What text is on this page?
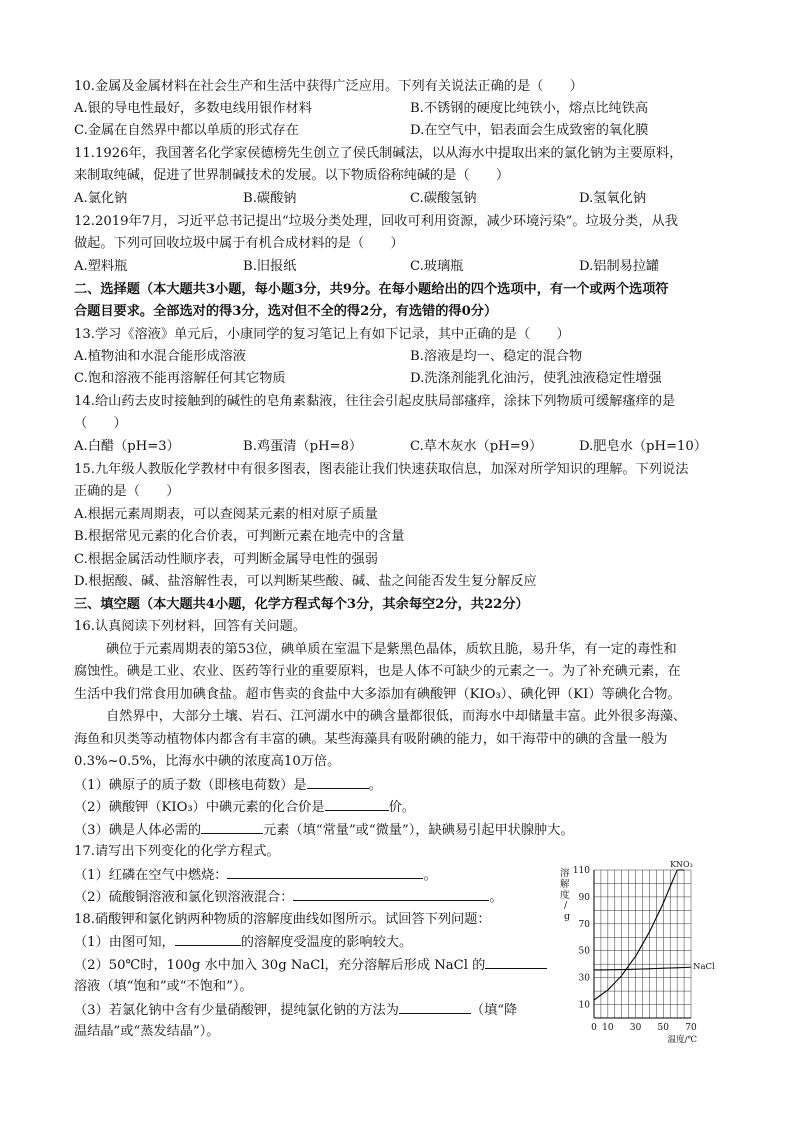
10.金属及金属材料在社会生产和生活中获得广泛应用。下列有关说法正确的是（　　）
A.银的导电性最好，多数电线用银作材料	B.不锈钢的硬度比纯铁小，熔点比纯铁高
C.金属在自然界中都以单质的形式存在	D.在空气中，铝表面会生成致密的氧化膜
11.1926年，我国著名化学家侯德榜先生创立了侯氏制碱法，以从海水中提取出来的氯化钠为主要原料，
来制取纯碱，促进了世界制碱技术的发展。以下物质俗称纯碱的是（　　）
A.氯化钠	B.碳酸钠	C.碳酸氢钠	D.氢氧化钠
12.2019年7月，习近平总书记提出“垃圾分类处理，回收可利用资源，减少环境污染”。垃圾分类，从我
做起。下列可回收垃圾中属于有机合成材料的是（　　）
A.塑料瓶	B.旧报纸	C.玻璃瓶	D.铝制易拉罐
二、选择题（本大题共3小题，每小题3分，共9分。在每小题给出的四个选项中，有一个或两个选项符
合题目要求。全部选对的得3分，选对但不全的得2分，有选错的得0分）
13.学习《溶液》单元后，小康同学的复习笔记上有如下记录，其中正确的是（　　）
A.植物油和水混合能形成溶液	B.溶液是均一、稳定的混合物
C.饱和溶液不能再溶解任何其它物质	D.洗涤剂能乳化油污，使乳浊液稳定性增强
14.给山药去皮时接触到的碱性的皂角素黏液，往往会引起皮肤局部瘙痒，涂抹下列物质可缓解瘙痒的是
（　　）
A.白醋（pH=3）	B.鸡蛋清（pH=8）	C.草木灰水（pH=9）	D.肥皂水（pH=10）
15.九年级人教版化学教材中有很多图表，图表能让我们快速获取信息，加深对所学知识的理解。下列说法
正确的是（　　）
A.根据元素周期表，可以查阅某元素的相对原子质量
B.根据常见元素的化合价表，可判断元素在地壳中的含量
C.根据金属活动性顺序表，可判断金属导电性的强弱
D.根据酸、碱、盐溶解性表，可以判断某些酸、碱、盐之间能否发生复分解反应
三、填空题（本大题共4小题，化学方程式每个3分，其余每空2分，共22分）
16.认真阅读下列材料，回答有关问题。
碘位于元素周期表的第53位，碘单质在室温下是紫黑色晶体，质软且脆，易升华，有一定的毒性和
腐蚀性。碘是工业、农业、医药等行业的重要原料，也是人体不可缺少的元素之一。为了补充碘元素，在
生活中我们常食用加碘食盐。超市售卖的食盐中大多添加有碘酸钾（KIO₃）、碘化钾（KI）等碘化合物。
自然界中，大部分土壤、岩石、江河湖水中的碘含量都很低，而海水中却储量丰富。此外很多海藻、
海鱼和贝类等动植物体内都含有丰富的碘。某些海藻具有吸附碘的能力，如干海带中的碘的含量一般为
0.3%~0.5%，比海水中碘的浓度高10万倍。
（1）碘原子的质子数（即核电荷数）是	。
（2）碘酸钾（KIO₃）中碘元素的化合价是	价。
（3）碘是人体必需的	元素（填“常量”或“微量”），缺碘易引起甲状腺肿大。
17.请写出下列变化的化学方程式。
（1）红磷在空气中燃烧：	。
（2）硫酸铜溶液和氯化钡溶液混合：	。
18.硝酸钾和氯化钠两种物质的溶解度曲线如图所示。试回答下列问题：
（1）由图可知，	的溶解度受温度的影响较大。
（2）50℃时，100g 水中加入 30g NaCl，充分溶解后形成 NaCl 的
溶液（填“饱和”或“不饱和”）。
（3）若氯化钠中含有少量硝酸钾，提纯氯化钠的方法为	（填“降
温结晶”或“蒸发结晶”）。
溶解度/ g
10
30
50
70
90
110
0 10 30 50 70
KNO₃
NaCl
温度/℃
